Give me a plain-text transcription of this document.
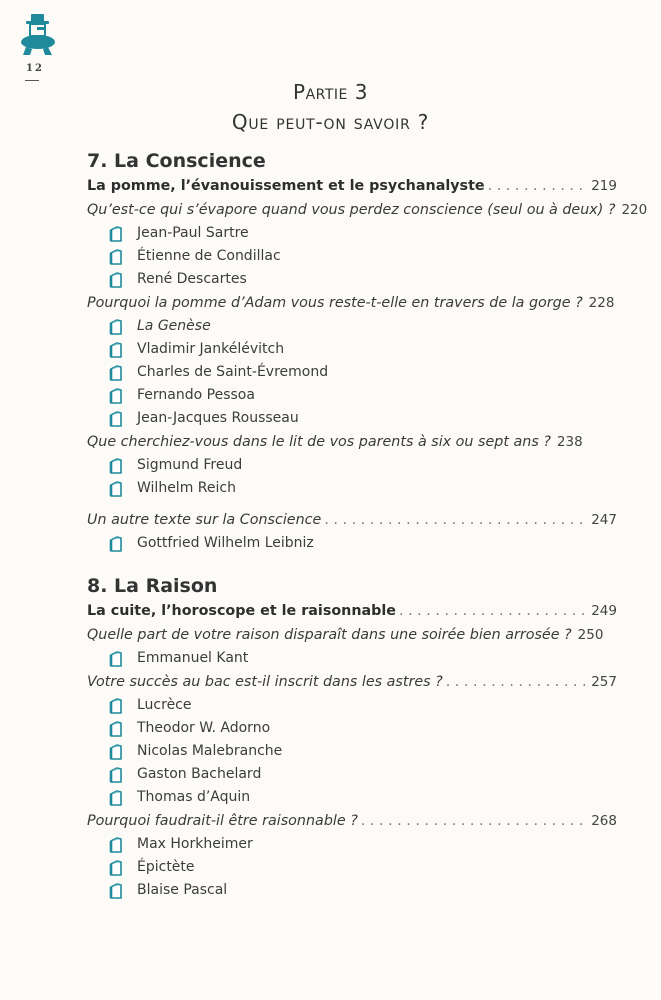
12
Partie 3
Que peut-on savoir ?
7. La Conscience
La pomme, l’évanouissement et le psychanalyste . . .	219
Qu’est-ce qui s’évapore quand vous perdez conscience (seul ou à deux) ? 220
Jean-Paul Sartre
Étienne de Condillac
René Descartes
Pourquoi la pomme d’Adam vous reste-t-elle en travers de la gorge ? 228
La Genèse
Vladimir Jankélévitch
Charles de Saint-Évremond
Fernando Pessoa
Jean-Jacques Rousseau
Que cherchiez-vous dans le lit de vos parents à six ou sept ans ? 238
Sigmund Freud
Wilhelm Reich
Un autre texte sur la Conscience . . .	247
Gottfried Wilhelm Leibniz
8. La Raison
La cuite, l’horoscope et le raisonnable . . .	249
Quelle part de votre raison disparaît dans une soirée bien arrosée ? 250
Emmanuel Kant
Votre succès au bac est-il inscrit dans les astres ? . . .	257
Lucrèce
Theodor W. Adorno
Nicolas Malebranche
Gaston Bachelard
Thomas d’Aquin
Pourquoi faudrait-il être raisonnable ? . . .	268
Max Horkheimer
Épictète
Blaise Pascal
